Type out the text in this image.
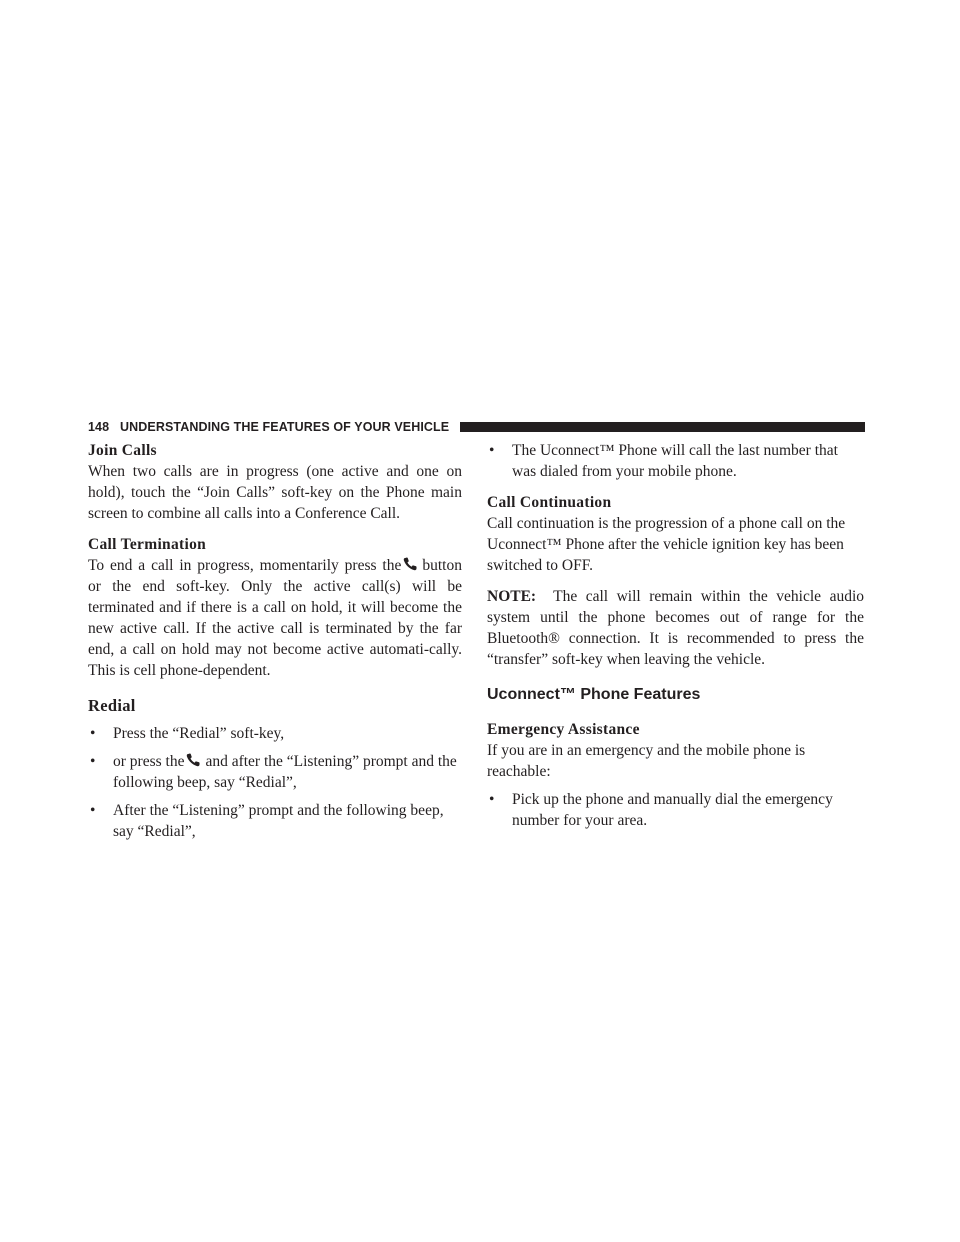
148 UNDERSTANDING THE FEATURES OF YOUR VEHICLE
Join Calls

When two calls are in progress (one active and one on hold), touch the “Join Calls” soft-key on the Phone main screen to combine all calls into a Conference Call.

Call Termination

To end a call in progress, momentarily press the button or the end soft-key. Only the active call(s) will be terminated and if there is a call on hold, it will become the new active call. If the active call is terminated by the far end, a call on hold may not become active automati-cally. This is cell phone-dependent.

Redial
• Press the “Redial” soft-key,
• or press the and after the “Listening” prompt and the following beep, say “Redial”,
• After the “Listening” prompt and the following beep, say “Redial”,
• The Uconnect™ Phone will call the last number that was dialed from your mobile phone.
Call Continuation

Call continuation is the progression of a phone call on the Uconnect™ Phone after the vehicle ignition key has been switched to OFF.

NOTE: The call will remain within the vehicle audio system until the phone becomes out of range for the Bluetooth® connection. It is recommended to press the “transfer” soft-key when leaving the vehicle.

Uconnect™ Phone Features
Emergency Assistance

If you are in an emergency and the mobile phone is reachable:

• Pick up the phone and manually dial the emergency number for your area.
